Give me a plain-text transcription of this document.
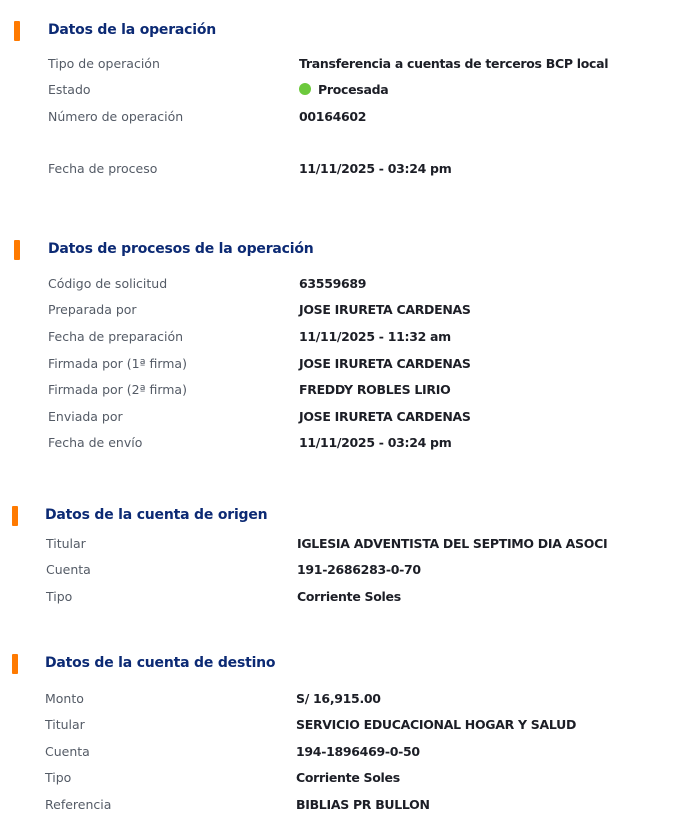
Datos de la operación
Tipo de operación	Transferencia a cuentas de terceros BCP local
Estado	Procesada
Número de operación	00164602
Fecha de proceso	11/11/2025 - 03:24 pm
Datos de procesos de la operación
Código de solicitud	63559689
Preparada por	JOSE IRURETA CARDENAS
Fecha de preparación	11/11/2025 - 11:32 am
Firmada por (1ª firma)	JOSE IRURETA CARDENAS
Firmada por (2ª firma)	FREDDY ROBLES LIRIO
Enviada por	JOSE IRURETA CARDENAS
Fecha de envío	11/11/2025 - 03:24 pm
Datos de la cuenta de origen
Titular	IGLESIA ADVENTISTA DEL SEPTIMO DIA ASOCI
Cuenta	191-2686283-0-70
Tipo	Corriente Soles
Datos de la cuenta de destino
Monto	S/ 16,915.00
Titular	SERVICIO EDUCACIONAL HOGAR Y SALUD
Cuenta	194-1896469-0-50
Tipo	Corriente Soles
Referencia	BIBLIAS PR BULLON
